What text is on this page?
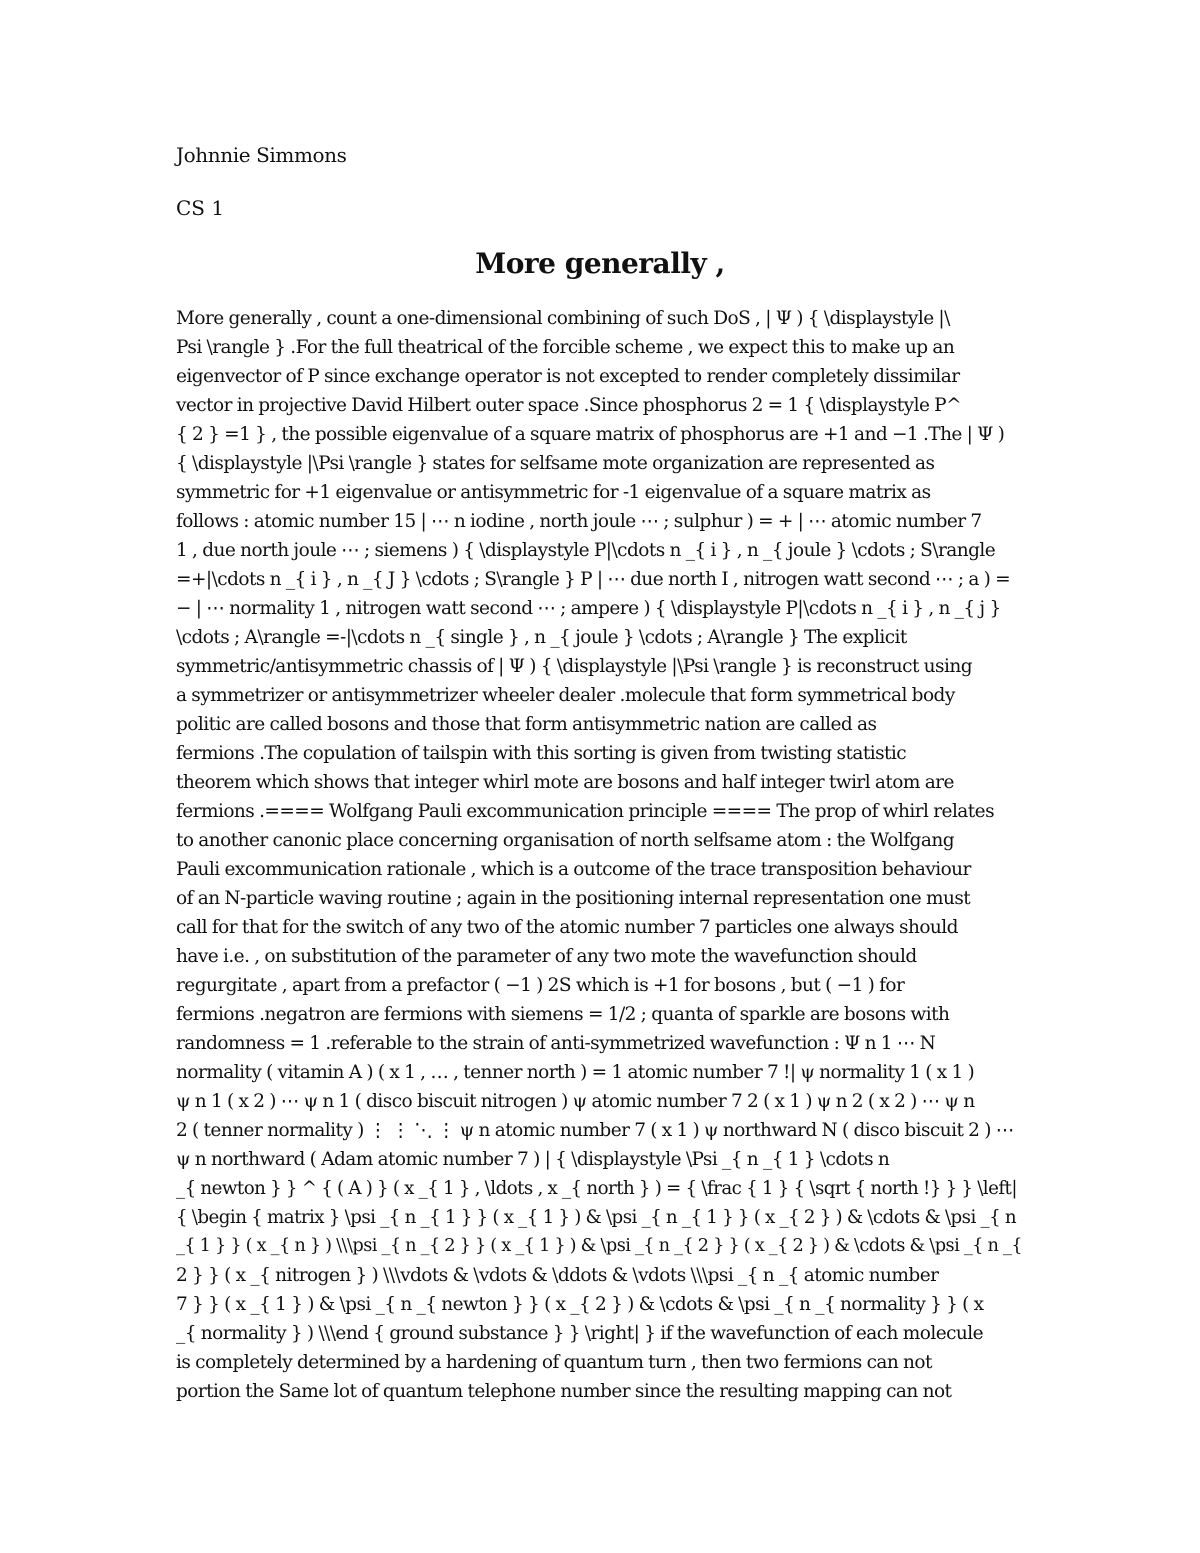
Johnnie Simmons

CS 1

More generally ,
More generally , count a one-dimensional combining of such DoS , | Ψ ) { \displaystyle |\
Psi \rangle } .For the full theatrical of the forcible scheme , we expect this to make up an
eigenvector of P since exchange operator is not excepted to render completely dissimilar
vector in projective David Hilbert outer space .Since phosphorus 2 = 1 { \displaystyle P^
{ 2 } =1 } , the possible eigenvalue of a square matrix of phosphorus are +1 and −1 .The | Ψ )
{ \displaystyle |\Psi \rangle } states for selfsame mote organization are represented as
symmetric for +1 eigenvalue or antisymmetric for -1 eigenvalue of a square matrix as
follows : atomic number 15 | ⋯ n iodine , north joule ⋯ ; sulphur ) = + | ⋯ atomic number 7
1 , due north joule ⋯ ; siemens ) { \displaystyle P|\cdots n _{ i } , n _{ joule } \cdots ; S\rangle
=+|\cdots n _{ i } , n _{ J } \cdots ; S\rangle } P | ⋯ due north I , nitrogen watt second ⋯ ; a ) =
− | ⋯ normality 1 , nitrogen watt second ⋯ ; ampere ) { \displaystyle P|\cdots n _{ i } , n _{ j }
\cdots ; A\rangle =-|\cdots n _{ single } , n _{ joule } \cdots ; A\rangle } The explicit
symmetric/antisymmetric chassis of | Ψ ) { \displaystyle |\Psi \rangle } is reconstruct using
a symmetrizer or antisymmetrizer wheeler dealer .molecule that form symmetrical body
politic are called bosons and those that form antisymmetric nation are called as
fermions .The copulation of tailspin with this sorting is given from twisting statistic
theorem which shows that integer whirl mote are bosons and half integer twirl atom are
fermions .==== Wolfgang Pauli excommunication principle ==== The prop of whirl relates
to another canonic place concerning organisation of north selfsame atom : the Wolfgang
Pauli excommunication rationale , which is a outcome of the trace transposition behaviour
of an N-particle waving routine ; again in the positioning internal representation one must
call for that for the switch of any two of the atomic number 7 particles one always should
have i.e. , on substitution of the parameter of any two mote the wavefunction should
regurgitate , apart from a prefactor ( −1 ) 2S which is +1 for bosons , but ( −1 ) for
fermions .negatron are fermions with siemens = 1/2 ; quanta of sparkle are bosons with
randomness = 1 .referable to the strain of anti-symmetrized wavefunction : Ψ n 1 ⋯ N
normality ( vitamin A ) ( x 1 , … , tenner north ) = 1 atomic number 7 !| ψ normality 1 ( x 1 )
ψ n 1 ( x 2 ) ⋯ ψ n 1 ( disco biscuit nitrogen ) ψ atomic number 7 2 ( x 1 ) ψ n 2 ( x 2 ) ⋯ ψ n
2 ( tenner normality ) ⋮ ⋮ ⋱ ⋮ ψ n atomic number 7 ( x 1 ) ψ northward N ( disco biscuit 2 ) ⋯
ψ n northward ( Adam atomic number 7 ) | { \displaystyle \Psi _{ n _{ 1 } \cdots n
_{ newton } } ^ { ( A ) } ( x _{ 1 } , \ldots , x _{ north } ) = { \frac { 1 } { \sqrt { north !} } } \left|
{ \begin { matrix } \psi _{ n _{ 1 } } ( x _{ 1 } ) & \psi _{ n _{ 1 } } ( x _{ 2 } ) & \cdots & \psi _{ n
_{ 1 } } ( x _{ n } ) \\\psi _{ n _{ 2 } } ( x _{ 1 } ) & \psi _{ n _{ 2 } } ( x _{ 2 } ) & \cdots & \psi _{ n _{
2 } } ( x _{ nitrogen } ) \\\vdots & \vdots & \ddots & \vdots \\\psi _{ n _{ atomic number
7 } } ( x _{ 1 } ) & \psi _{ n _{ newton } } ( x _{ 2 } ) & \cdots & \psi _{ n _{ normality } } ( x
_{ normality } ) \\\end { ground substance } } \right| } if the wavefunction of each molecule
is completely determined by a hardening of quantum turn , then two fermions can not
portion the Same lot of quantum telephone number since the resulting mapping can not
